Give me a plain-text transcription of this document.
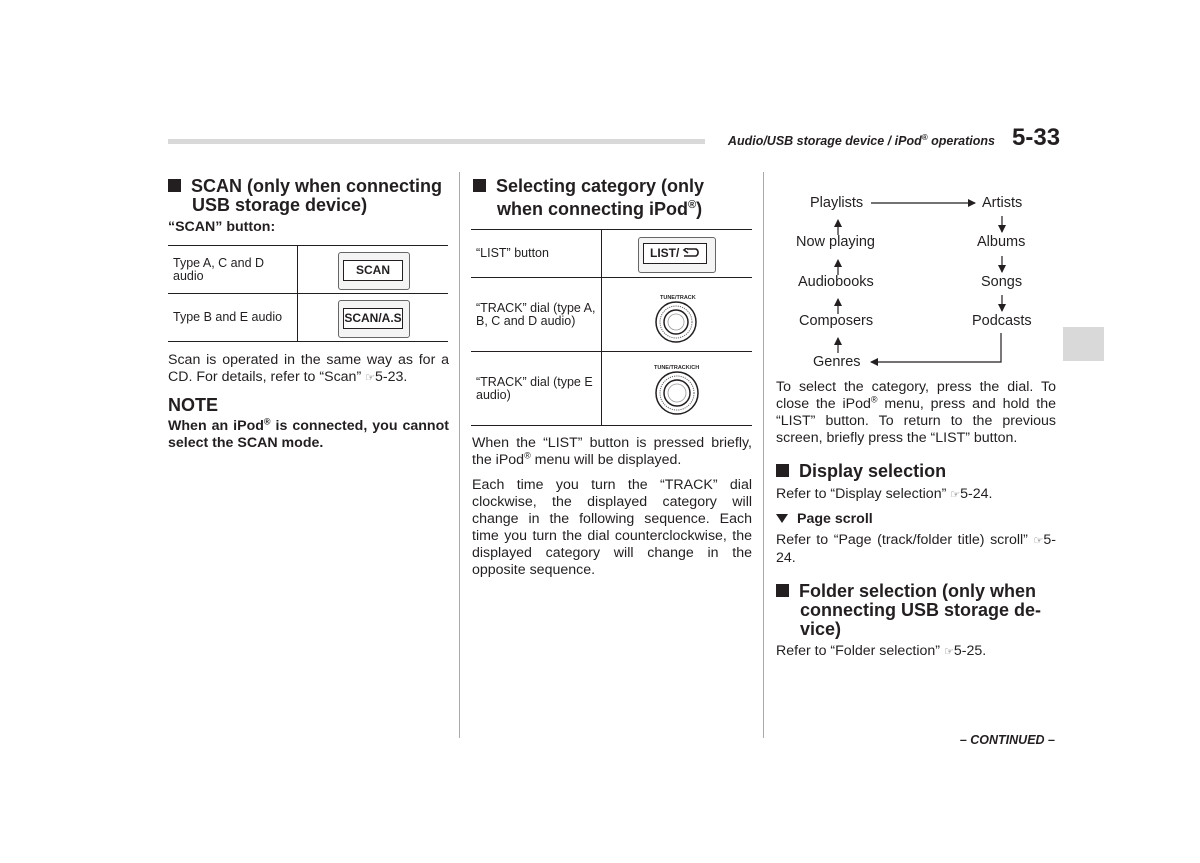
Audio/USB storage device / iPod® operations 5-33
SCAN (only when connecting
USB storage device)
“SCAN” button:
Type A, C and D audio	SCAN

Type B and E audio	SCAN/A.S
Scan is operated in the same way as for a CD. For details, refer to “Scan” ☞5-23.
NOTE
When an iPod® is connected, you cannot select the SCAN mode.
Selecting category (only
when connecting iPod®)
“LIST” button	LIST/

“TRACK” dial (type A, B, C and D audio)	TUNE/TRACK

“TRACK” dial (type E audio)	TUNE/TRACK/CH
When the “LIST” button is pressed briefly, the iPod® menu will be displayed.
Each time you turn the “TRACK” dial clockwise, the displayed category will change in the following sequence. Each time you turn the dial counterclockwise, the displayed category will change in the opposite sequence.
Playlists
Now playing
Audiobooks
Composers
Genres
Podcasts
Songs
Albums
Artists
To select the category, press the dial. To close the iPod® menu, press and hold the “LIST” button. To return to the previous screen, briefly press the “LIST” button.
Display selection
Refer to “Display selection” ☞5-24.
Page scroll
Refer to “Page (track/folder title) scroll” ☞5-24.
Folder selection (only when
connecting USB storage de-
vice)
Refer to “Folder selection” ☞5-25.
– CONTINUED –
